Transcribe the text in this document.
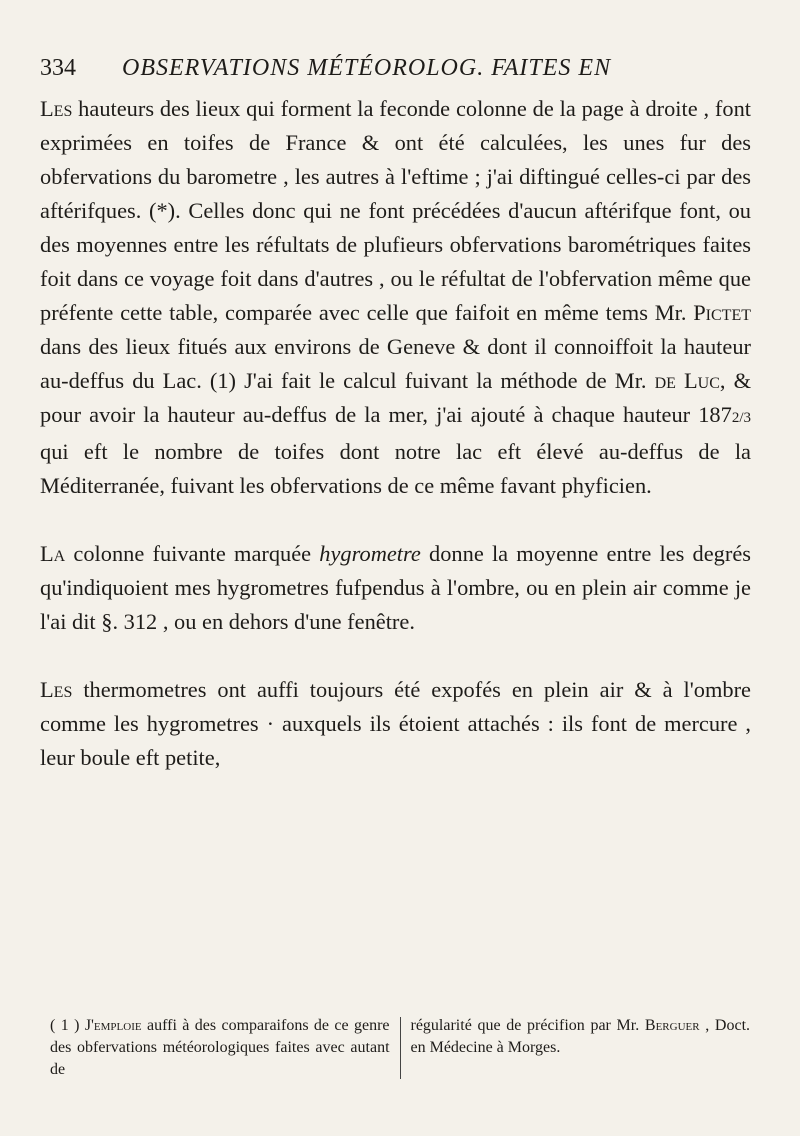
334 OBSERVATIONS MÉTÉOROLOG. FAITES EN

Les hauteurs des lieux qui forment la feconde colonne de la page à droite , font exprimées en toifes de France & ont été calculées, les unes fur des obfervations du barometre , les autres à l'eftime ; j'ai diftingué celles-ci par des aftérifques. (*). Celles donc qui ne font précédées d'aucun aftérifque font, ou des moyennes entre les réfultats de plufieurs obfervations barométriques faites foit dans ce voyage foit dans d'autres , ou le réfultat de l'obfervation même que préfente cette table, comparée avec celle que faifoit en même tems Mr. Pictet dans des lieux fitués aux environs de Geneve & dont il connoiffoit la hauteur au-deffus du Lac. (1) J'ai fait le calcul fuivant la méthode de Mr. de Luc, & pour avoir la hauteur au-deffus de la mer, j'ai ajouté à chaque hauteur 1872/3 qui eft le nombre de toifes dont notre lac eft élevé au-deffus de la Méditerranée, fuivant les obfervations de ce même favant phyficien.

La colonne fuivante marquée hygrometre donne la moyenne entre les degrés qu'indiquoient mes hygrometres fufpendus à l'ombre, ou en plein air comme je l'ai dit §. 312 , ou en dehors d'une fenêtre.

Les thermometres ont auffi toujours été expofés en plein air & à l'ombre comme les hygrometres · auxquels ils étoient attachés : ils font de mercure , leur boule eft petite,

( 1 ) J'emploie auffi à des comparaifons de ce genre des obfervations météorologiques faites avec autant de
régularité que de précifion par Mr. Berguer , Doct. en Médecine à Morges.
